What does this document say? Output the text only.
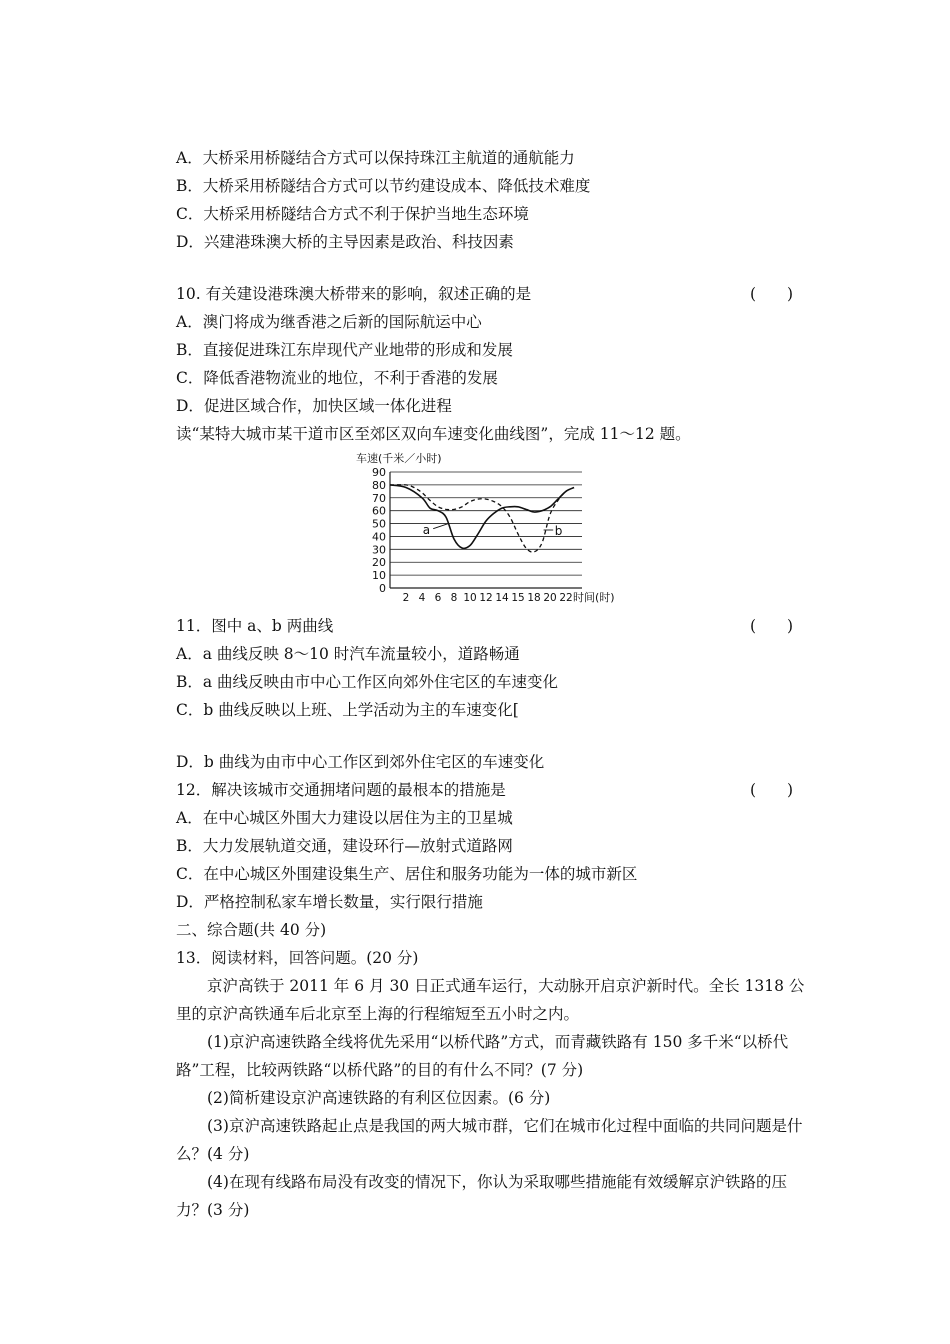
A．大桥采用桥隧结合方式可以保持珠江主航道的通航能力
B．大桥采用桥隧结合方式可以节约建设成本、降低技术难度
C．大桥采用桥隧结合方式不利于保护当地生态环境
D．兴建港珠澳大桥的主导因素是政治、科技因素
10. 有关建设港珠澳大桥带来的影响，叙述正确的是	(　　)
A．澳门将成为继香港之后新的国际航运中心
B．直接促进珠江东岸现代产业地带的形成和发展
C．降低香港物流业的地位，不利于香港的发展
D．促进区域合作，加快区域一体化进程
读“某特大城市某干道市区至郊区双向车速变化曲线图”，完成 11～12 题。
车速(千米／小时)
0
10
20
30
40
50
60
70
80
90
2 4 6 8 10 12 14 15 18 20 22 时间(时)
a	b
11．图中 a、b 两曲线	(　　)
A．a 曲线反映 8～10 时汽车流量较小，道路畅通
B．a 曲线反映由市中心工作区向郊外住宅区的车速变化
C．b 曲线反映以上班、上学活动为主的车速变化[
D．b 曲线为由市中心工作区到郊外住宅区的车速变化
12．解决该城市交通拥堵问题的最根本的措施是	(　　)
A．在中心城区外围大力建设以居住为主的卫星城
B．大力发展轨道交通，建设环行—放射式道路网
C．在中心城区外围建设集生产、居住和服务功能为一体的城市新区
D．严格控制私家车增长数量，实行限行措施
二、综合题(共 40 分)
13．阅读材料，回答问题。(20 分)
京沪高铁于 2011 年 6 月 30 日正式通车运行，大动脉开启京沪新时代。全长 1318 公里的京沪高铁通车后北京至上海的行程缩短至五小时之内。
(1)京沪高速铁路全线将优先采用“以桥代路”方式，而青藏铁路有 150 多千米“以桥代路”工程，比较两铁路“以桥代路”的目的有什么不同？(7 分)
(2)简析建设京沪高速铁路的有利区位因素。(6 分)
(3)京沪高速铁路起止点是我国的两大城市群，它们在城市化过程中面临的共同问题是什么？(4 分)
(4)在现有线路布局没有改变的情况下，你认为采取哪些措施能有效缓解京沪铁路的压力？(3 分)
